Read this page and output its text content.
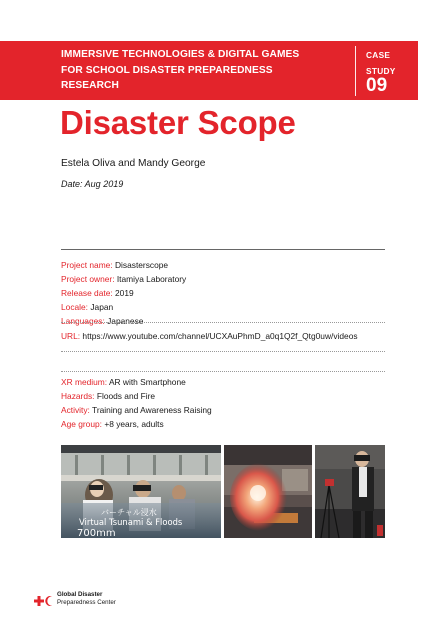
IMMERSIVE TECHNOLOGIES & DIGITAL GAMES
FOR SCHOOL DISASTER PREPAREDNESS
RESEARCH
CASE
STUDY
09
Disaster Scope
Estela Oliva and Mandy George
Date: Aug 2019
Project name: Disasterscope
Project owner: Itamiya Laboratory
Release date: 2019
Locale: Japan
Languages: Japanese
URL: https://www.youtube.com/channel/UCXAuPhmD_a0q1Q2f_Qtg0uw/videos
XR medium: AR with Smartphone
Hazards: Floods and Fire
Activity: Training and Awareness Raising
Age group: +8 years, adults
バーチャル浸水
Virtual Tsunami & Floods
700mm
Global Disaster
Preparedness Center
